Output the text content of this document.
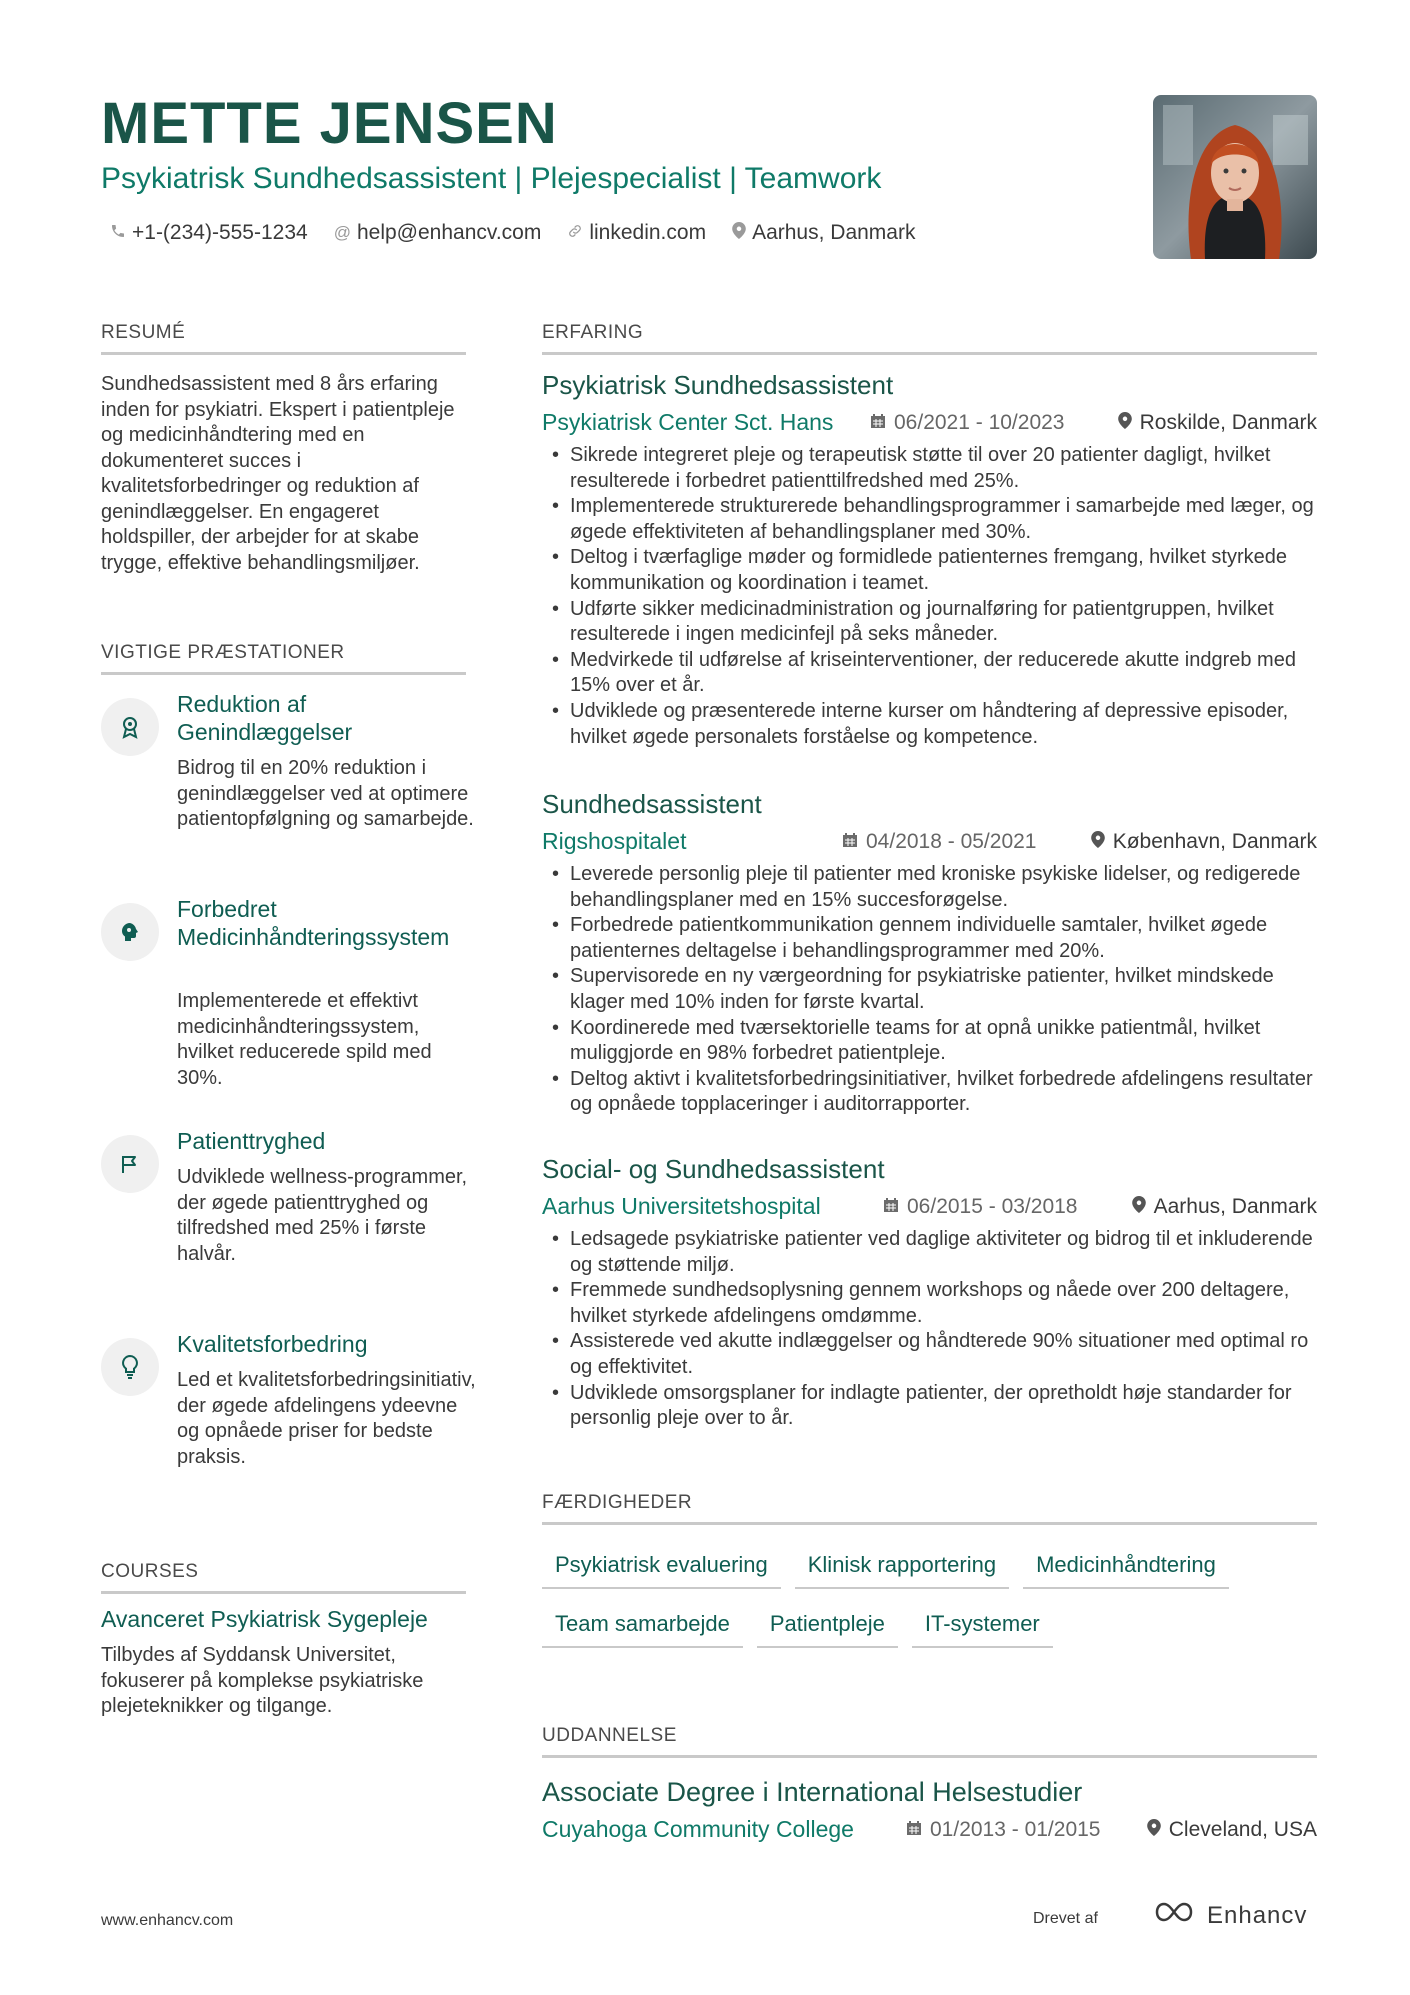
METTE JENSEN
Psykiatrisk Sundhedsassistent | Plejespecialist | Teamwork
+1-(234)-555-1234 @ help@enhancv.com linkedin.com Aarhus, Danmark
RESUMÉ
Sundhedsassistent med 8 års erfaring inden for psykiatri. Ekspert i patientpleje og medicinhåndtering med en dokumenteret succes i kvalitetsforbedringer og reduktion af genindlæggelser. En engageret holdspiller, der arbejder for at skabe trygge, effektive behandlingsmiljøer.
VIGTIGE PRÆSTATIONER
Reduktion af Genindlæggelser
Bidrog til en 20% reduktion i genindlæggelser ved at optimere patientopfølgning og samarbejde.
Forbedret Medicinhåndteringssystem
Implementerede et effektivt medicinhåndteringssystem, hvilket reducerede spild med 30%.
Patienttryghed
Udviklede wellness-programmer, der øgede patienttryghed og tilfredshed med 25% i første halvår.
Kvalitetsforbedring
Led et kvalitetsforbedringsinitiativ, der øgede afdelingens ydeevne og opnåede priser for bedste praksis.
COURSES
Avanceret Psykiatrisk Sygepleje
Tilbydes af Syddansk Universitet, fokuserer på komplekse psykiatriske plejeteknikker og tilgange.
ERFARING
Psykiatrisk Sundhedsassistent
Psykiatrisk Center Sct. Hans	06/2021 - 10/2023	Roskilde, Danmark
• Sikrede integreret pleje og terapeutisk støtte til over 20 patienter dagligt, hvilket resulterede i forbedret patienttilfredshed med 25%.
• Implementerede strukturerede behandlingsprogrammer i samarbejde med læger, og øgede effektiviteten af behandlingsplaner med 30%.
• Deltog i tværfaglige møder og formidlede patienternes fremgang, hvilket styrkede kommunikation og koordination i teamet.
• Udførte sikker medicinadministration og journalføring for patientgruppen, hvilket resulterede i ingen medicinfejl på seks måneder.
• Medvirkede til udførelse af kriseinterventioner, der reducerede akutte indgreb med 15% over et år.
• Udviklede og præsenterede interne kurser om håndtering af depressive episoder, hvilket øgede personalets forståelse og kompetence.
Sundhedsassistent
Rigshospitalet	04/2018 - 05/2021	København, Danmark
• Leverede personlig pleje til patienter med kroniske psykiske lidelser, og redigerede behandlingsplaner med en 15% succesforøgelse.
• Forbedrede patientkommunikation gennem individuelle samtaler, hvilket øgede patienternes deltagelse i behandlingsprogrammer med 20%.
• Supervisorede en ny værgeordning for psykiatriske patienter, hvilket mindskede klager med 10% inden for første kvartal.
• Koordinerede med tværsektorielle teams for at opnå unikke patientmål, hvilket muliggjorde en 98% forbedret patientpleje.
• Deltog aktivt i kvalitetsforbedringsinitiativer, hvilket forbedrede afdelingens resultater og opnåede topplaceringer i auditorrapporter.
Social- og Sundhedsassistent
Aarhus Universitetshospital	06/2015 - 03/2018	Aarhus, Danmark
• Ledsagede psykiatriske patienter ved daglige aktiviteter og bidrog til et inkluderende og støttende miljø.
• Fremmede sundhedsoplysning gennem workshops og nåede over 200 deltagere, hvilket styrkede afdelingens omdømme.
• Assisterede ved akutte indlæggelser og håndterede 90% situationer med optimal ro og effektivitet.
• Udviklede omsorgsplaner for indlagte patienter, der opretholdt høje standarder for personlig pleje over to år.
FÆRDIGHEDER
Psykiatrisk evaluering	Klinisk rapportering	Medicinhåndtering
Team samarbejde	Patientpleje	IT-systemer
UDDANNELSE
Associate Degree i International Helsestudier
Cuyahoga Community College	01/2013 - 01/2015	Cleveland, USA
www.enhancv.com	Drevet af	Enhancv
